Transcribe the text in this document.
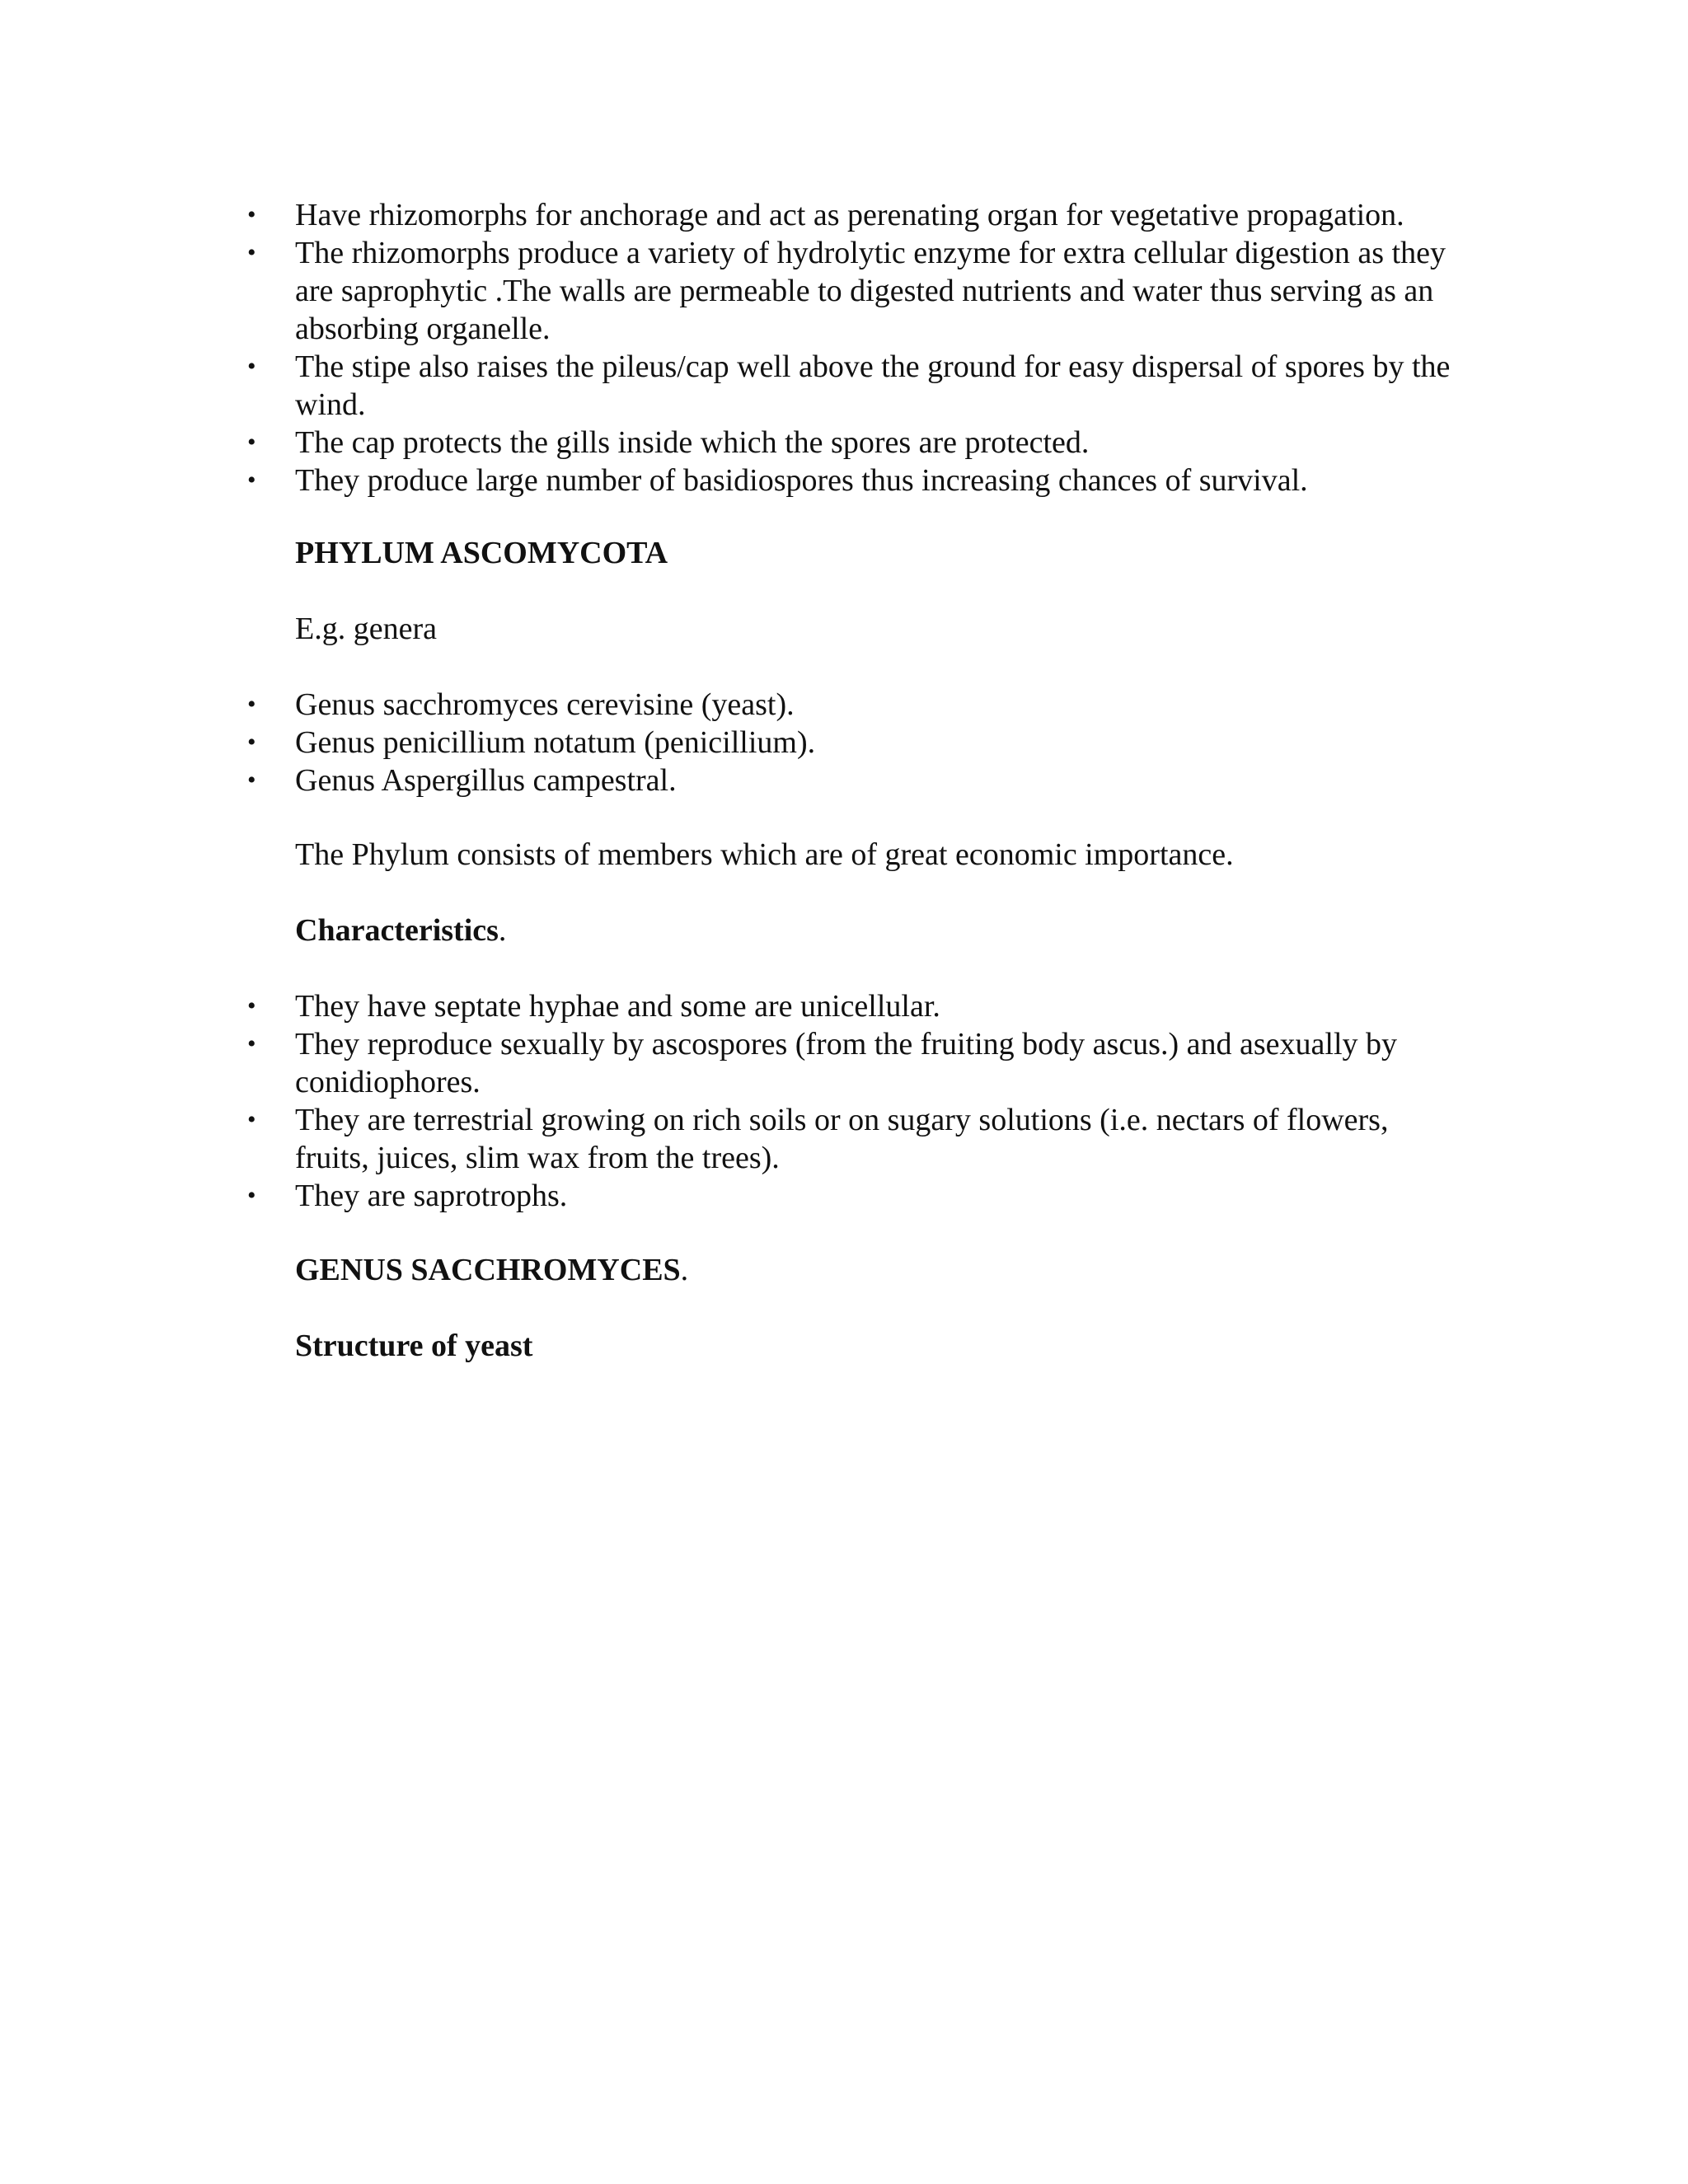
•	Have rhizomorphs for anchorage and act as perenating organ for vegetative propagation.
•	The rhizomorphs produce a variety of hydrolytic enzyme for extra cellular digestion as they are saprophytic .The walls are permeable to digested nutrients and water thus serving as an absorbing organelle.
•	The stipe also raises the pileus/cap well above the ground for easy dispersal of spores by the wind.
•	The cap protects the gills inside which the spores are protected.
•	They produce large number of basidiospores thus increasing chances of survival.
PHYLUM ASCOMYCOTA
E.g. genera
•	Genus sacchromyces cerevisine (yeast).
•	Genus penicillium notatum (penicillium).
•	Genus Aspergillus campestral.
The Phylum consists of members which are of great economic importance.
Characteristics.
•	They have septate hyphae and some are unicellular.
•	They reproduce sexually by ascospores (from the fruiting body ascus.) and asexually by conidiophores.
•	They are terrestrial growing on rich soils or on sugary solutions (i.e. nectars of flowers, fruits, juices, slim wax from the trees).
•	They are saprotrophs.
GENUS SACCHROMYCES.
Structure of yeast
